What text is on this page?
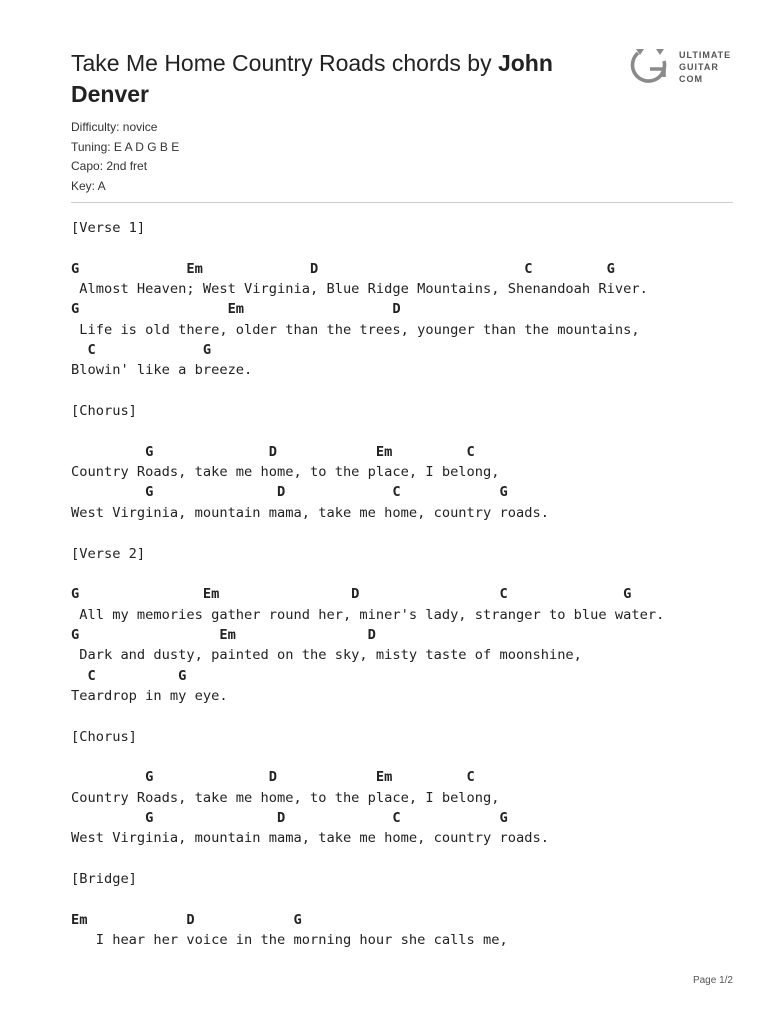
Take Me Home Country Roads chords by John Denver
ULTIMATE
GUITAR
COM
Difficulty: novice
Tuning: E A D G B E
Capo: 2nd fret
Key: A
[Verse 1]
G             Em             D                         C         G
Almost Heaven; West Virginia, Blue Ridge Mountains, Shenandoah River.
G                  Em                  D
Life is old there, older than the trees, younger than the mountains,
C             G
Blowin' like a breeze.
[Chorus]
G              D            Em         C
Country Roads, take me home, to the place, I belong,
G               D             C            G
West Virginia, mountain mama, take me home, country roads.
[Verse 2]
G               Em                D                 C              G
All my memories gather round her, miner's lady, stranger to blue water.
G                 Em                D
Dark and dusty, painted on the sky, misty taste of moonshine,
C          G
Teardrop in my eye.
[Chorus]
G              D            Em         C
Country Roads, take me home, to the place, I belong,
G               D             C            G
West Virginia, mountain mama, take me home, country roads.
[Bridge]
Em            D            G
I hear her voice in the morning hour she calls me,
Page 1/2
